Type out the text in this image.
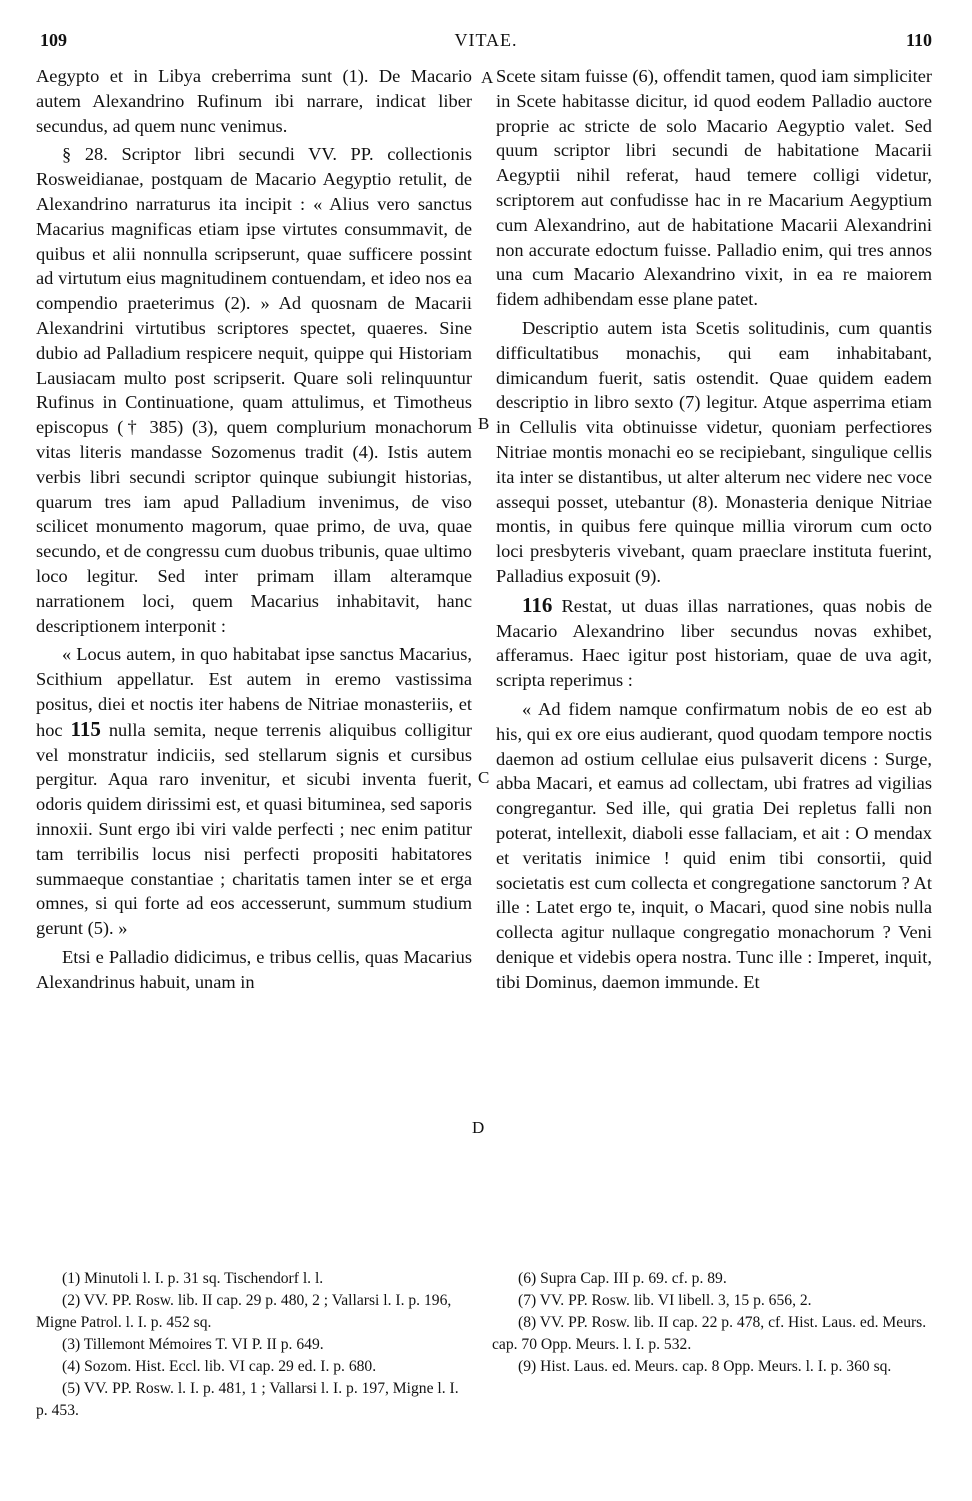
109	VITAE.	110
A
B
C
D

Aegypto et in Libya creberrima sunt (1). De Macario autem Alexandrino Rufinum ibi narrare, indicat liber secundus, ad quem nunc venimus.

§ 28. Scriptor libri secundi VV. PP. collectionis Rosweidianae, postquam de Macario Aegyptio retulit, de Alexandrino narraturus ita incipit : « Alius vero sanctus Macarius magnificas etiam ipse virtutes consummavit, de quibus et alii nonnulla scripserunt, quae sufficere possint ad virtutum eius magnitudinem contuendam, et ideo nos ea compendio praeterimus (2). » Ad quosnam de Macarii Alexandrini virtutibus scriptores spectet, quaeres. Sine dubio ad Palladium respicere nequit, quippe qui Historiam Lausiacam multo post scripserit. Quare soli relinquuntur Rufinus in Continuatione, quam attulimus, et Timotheus episcopus († 385) (3), quem complurium monachorum vitas literis mandasse Sozomenus tradit (4). Istis autem verbis libri secundi scriptor quinque subiungit historias, quarum tres iam apud Palladium invenimus, de viso scilicet monumento magorum, quae primo, de uva, quae secundo, et de congressu cum duobus tribunis, quae ultimo loco legitur. Sed inter primam illam alteramque narrationem loci, quem Macarius inhabitavit, hanc descriptionem interponit :

« Locus autem, in quo habitabat ipse sanctus Macarius, Scithium appellatur. Est autem in eremo vastissima positus, diei et noctis iter habens de Nitriae monasteriis, et hoc 115 nulla semita, neque terrenis aliquibus colligitur vel monstratur indiciis, sed stellarum signis et cursibus pergitur. Aqua raro invenitur, et sicubi inventa fuerit, odoris quidem dirissimi est, et quasi bituminea, sed saporis innoxii. Sunt ergo ibi viri valde perfecti ; nec enim patitur tam terribilis locus nisi perfecti propositi habitatores summaeque constantiae ; charitatis tamen inter se et erga omnes, si qui forte ad eos accesserunt, summum studium gerunt (5). »

Etsi e Palladio didicimus, e tribus cellis, quas Macarius Alexandrinus habuit, unam in

Scete sitam fuisse (6), offendit tamen, quod iam simpliciter in Scete habitasse dicitur, id quod eodem Palladio auctore proprie ac stricte de solo Macario Aegyptio valet. Sed quum scriptor libri secundi de habitatione Macarii Aegyptii nihil referat, haud temere colligi videtur, scriptorem aut confudisse hac in re Macarium Aegyptium cum Alexandrino, aut de habitatione Macarii Alexandrini non accurate edoctum fuisse. Palladio enim, qui tres annos una cum Macario Alexandrino vixit, in ea re maiorem fidem adhibendam esse plane patet.

Descriptio autem ista Scetis solitudinis, cum quantis difficultatibus monachis, qui eam inhabitabant, dimicandum fuerit, satis ostendit. Quae quidem eadem descriptio in libro sexto (7) legitur. Atque asperrima etiam in Cellulis vita obtinuisse videtur, quoniam perfectiores Nitriae montis monachi eo se recipiebant, singulique cellis ita inter se distantibus, ut alter alterum nec videre nec voce assequi posset, utebantur (8). Monasteria denique Nitriae montis, in quibus fere quinque millia virorum cum octo loci presbyteris vivebant, quam praeclare instituta fuerint, Palladius exposuit (9).

116 Restat, ut duas illas narrationes, quas nobis de Macario Alexandrino liber secundus novas exhibet, afferamus. Haec igitur post historiam, quae de uva agit, scripta reperimus :

« Ad fidem namque confirmatum nobis de eo est ab his, qui ex ore eius audierant, quod quodam tempore noctis daemon ad ostium cellulae eius pulsaverit dicens : Surge, abba Macari, et eamus ad collectam, ubi fratres ad vigilias congregantur. Sed ille, qui gratia Dei repletus falli non poterat, intellexit, diaboli esse fallaciam, et ait : O mendax et veritatis inimice ! quid enim tibi consortii, quid societatis est cum collecta et congregatione sanctorum ? At ille : Latet ergo te, inquit, o Macari, quod sine nobis nulla collecta agitur nullaque congregatio monachorum ? Veni denique et videbis opera nostra. Tunc ille : Imperet, inquit, tibi Dominus, daemon immunde. Et

(1) Minutoli l. I. p. 31 sq. Tischendorf l. l.
(2) VV. PP. Rosw. lib. II cap. 29 p. 480, 2 ; Vallarsi l. I. p. 196, Migne Patrol. l. I. p. 452 sq.
(3) Tillemont Mémoires T. VI P. II p. 649.
(4) Sozom. Hist. Eccl. lib. VI cap. 29 ed. I. p. 680.
(5) VV. PP. Rosw. l. I. p. 481, 1 ; Vallarsi l. I. p. 197, Migne l. I. p. 453.
(6) Supra Cap. III p. 69. cf. p. 89.
(7) VV. PP. Rosw. lib. VI libell. 3, 15 p. 656, 2.
(8) VV. PP. Rosw. lib. II cap. 22 p. 478, cf. Hist. Laus. ed. Meurs. cap. 70 Opp. Meurs. l. I. p. 532.
(9) Hist. Laus. ed. Meurs. cap. 8 Opp. Meurs. l. I. p. 360 sq.
